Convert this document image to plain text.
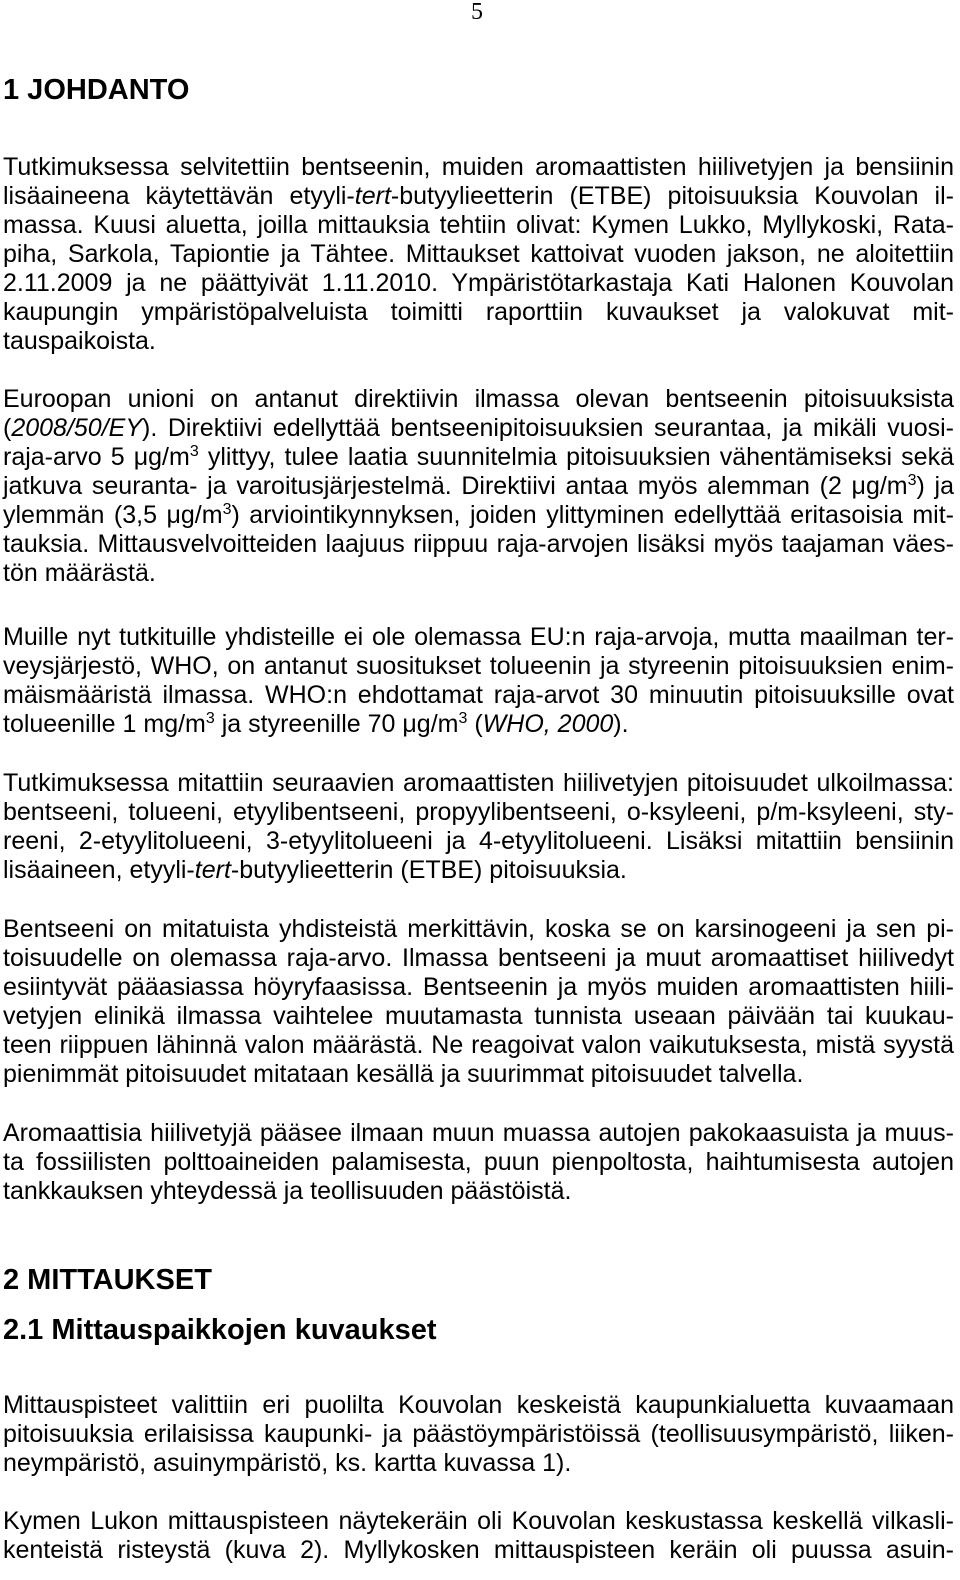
5
1 JOHDANTO
Tutkimuksessa selvitettiin bentseenin, muiden aromaattisten hiilivetyjen ja bensiinin
lisäaineena käytettävän etyyli-tert-butyylieetterin (ETBE) pitoisuuksia Kouvolan il-
massa. Kuusi aluetta, joilla mittauksia tehtiin olivat: Kymen Lukko, Myllykoski, Rata-
piha, Sarkola, Tapiontie ja Tähtee. Mittaukset kattoivat vuoden jakson, ne aloitettiin
2.11.2009 ja ne päättyivät 1.11.2010. Ympäristötarkastaja Kati Halonen Kouvolan
kaupungin ympäristöpalveluista toimitti raporttiin kuvaukset ja valokuvat mit-
tauspaikoista.
Euroopan unioni on antanut direktiivin ilmassa olevan bentseenin pitoisuuksista
(2008/50/EY). Direktiivi edellyttää bentseenipitoisuuksien seurantaa, ja mikäli vuosi-
raja-arvo 5 $\mu g/m^3$ ylittyy, tulee laatia suunnitelmia pitoisuuksien vähentämiseksi sekä
jatkuva seuranta- ja varoitusjärjestelmä. Direktiivi antaa myös alemman (2 $\mu g/m^3$) ja
ylemmän (3,5 $\mu g/m^3$) arviointikynnyksen, joiden ylittyminen edellyttää eritasoisia mit-
tauksia. Mittausvelvoitteiden laajuus riippuu raja-arvojen lisäksi myös taajaman väes-
tön määrästä.
Muille nyt tutkituille yhdisteille ei ole olemassa EU:n raja-arvoja, mutta maailman ter-
veysjärjestö, WHO, on antanut suositukset tolueenin ja styreenin pitoisuuksien enim-
mäismääristä ilmassa. WHO:n ehdottamat raja-arvot 30 minuutin pitoisuuksille ovat
tolueenille 1 $mg/m^3$ ja styreenille 70 $\mu g/m^3$ (WHO, 2000).
Tutkimuksessa mitattiin seuraavien aromaattisten hiilivetyjen pitoisuudet ulkoilmassa:
bentseeni, tolueeni, etyylibentseeni, propyylibentseeni, o-ksyleeni, p/m-ksyleeni, sty-
reeni, 2-etyylitolueeni, 3-etyylitolueeni ja 4-etyylitolueeni. Lisäksi mitattiin bensiinin
lisäaineen, etyyli-tert-butyylieetterin (ETBE) pitoisuuksia.
Bentseeni on mitatuista yhdisteistä merkittävin, koska se on karsinogeeni ja sen pi-
toisuudelle on olemassa raja-arvo. Ilmassa bentseeni ja muut aromaattiset hiilivedyt
esiintyvät pääasiassa höyryfaasissa. Bentseenin ja myös muiden aromaattisten hiili-
vetyjen elinikä ilmassa vaihtelee muutamasta tunnista useaan päivään tai kuukau-
teen riippuen lähinnä valon määrästä. Ne reagoivat valon vaikutuksesta, mistä syystä
pienimmät pitoisuudet mitataan kesällä ja suurimmat pitoisuudet talvella.
Aromaattisia hiilivetyjä pääsee ilmaan muun muassa autojen pakokaasuista ja muus-
ta fossiilisten polttoaineiden palamisesta, puun pienpoltosta, haihtumisesta autojen
tankkauksen yhteydessä ja teollisuuden päästöistä.
2 MITTAUKSET
2.1 Mittauspaikkojen kuvaukset
Mittauspisteet valittiin eri puolilta Kouvolan keskeistä kaupunkialuetta kuvaamaan
pitoisuuksia erilaisissa kaupunki- ja päästöympäristöissä (teollisuusympäristö, liiken-
neympäristö, asuinympäristö, ks. kartta kuvassa 1).
Kymen Lukon mittauspisteen näytekeräin oli Kouvolan keskustassa keskellä vilkasli-
kenteistä risteystä (kuva 2). Myllykosken mittauspisteen keräin oli puussa asuin-
